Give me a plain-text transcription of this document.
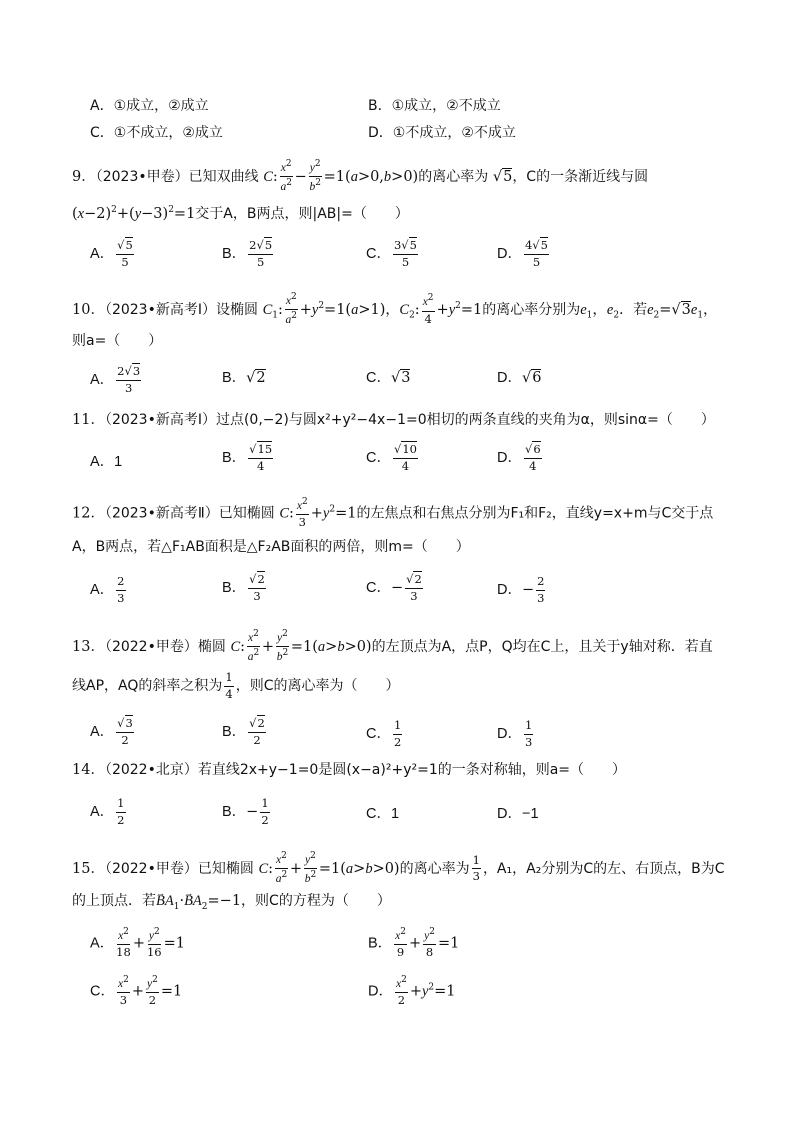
A．①成立，②成立	B．①成立，②不成立
C．①不成立，②成立	D．①不成立，②不成立
9．（2023•甲卷）已知双曲线 C: $\frac{x^2}{a^2} - \frac{y^2}{b^2} =1(a>0,b>0)$的离心率为 √5，C的一条渐近线与圆
$(x-2)^2+(y-3)^2=1$交于A，B两点，则|AB|=（　　）
A． $\frac{√5}{5}$	B． $\frac{2√5}{5}$	C． $\frac{3√5}{5}$	D． $\frac{4√5}{5}$
10．（2023•新高考Ⅰ）设椭圆 $C_1$: $\frac{x^2}{a^2} +y^2=1(a>1)$，$C_2$: $\frac{x^2}{4} +y^2=1$的离心率分别为$e_1$，$e_2$．若$e_2=√3e_1$，
则a=（　　）
A． $\frac{2√3}{3}$	B．√2	C．√3	D．√6
11．（2023•新高考Ⅰ）过点(0,−2)与圆x²+y²−4x−1=0相切的两条直线的夹角为α，则sinα=（　　）
A．1	B． $\frac{√15}{4}$	C． $\frac{√10}{4}$	D． $\frac{√6}{4}$
12．（2023•新高考Ⅱ）已知椭圆 C: $\frac{x^2}{3} +y^2=1$的左焦点和右焦点分别为F₁和F₂，直线y=x+m与C交于点
A，B两点，若△F₁AB面积是△F₂AB面积的两倍，则m=（　　）
A． $\frac{2}{3}$	B． $\frac{√2}{3}$	C．− $\frac{√2}{3}$	D．− $\frac{2}{3}$
13．（2022•甲卷）椭圆 C: $\frac{x^2}{a^2} + \frac{y^2}{b^2} =1(a>b>0)$的左顶点为A，点P，Q均在C上，且关于y轴对称．若直
线AP，AQ的斜率之积为 $\frac{1}{4}$ ，则C的离心率为（　　）
A． $\frac{√3}{2}$	B． $\frac{√2}{2}$	C． $\frac{1}{2}$	D． $\frac{1}{3}$
14．（2022•北京）若直线2x+y−1=0是圆(x−a)²+y²=1的一条对称轴，则a=（　　）
A． $\frac{1}{2}$	B．− $\frac{1}{2}$	C．1	D．−1
15．（2022•甲卷）已知椭圆 C: $\frac{x^2}{a^2} + \frac{y^2}{b^2} =1(a>b>0)$的离心率为 $\frac{1}{3}$ ，A₁，A₂分别为C的左、右顶点，B为C
的上顶点．若→ $BA_1\cdot\to BA_2=-1$，则C的方程为（　　）
A． $\frac{x^2}{18} + \frac{y^2}{16} =1$	B． $\frac{x^2}{9} + \frac{y^2}{8} =1$
C． $\frac{x^2}{3} + \frac{y^2}{2} =1$	D． $\frac{x^2}{2} +y^2=1$
